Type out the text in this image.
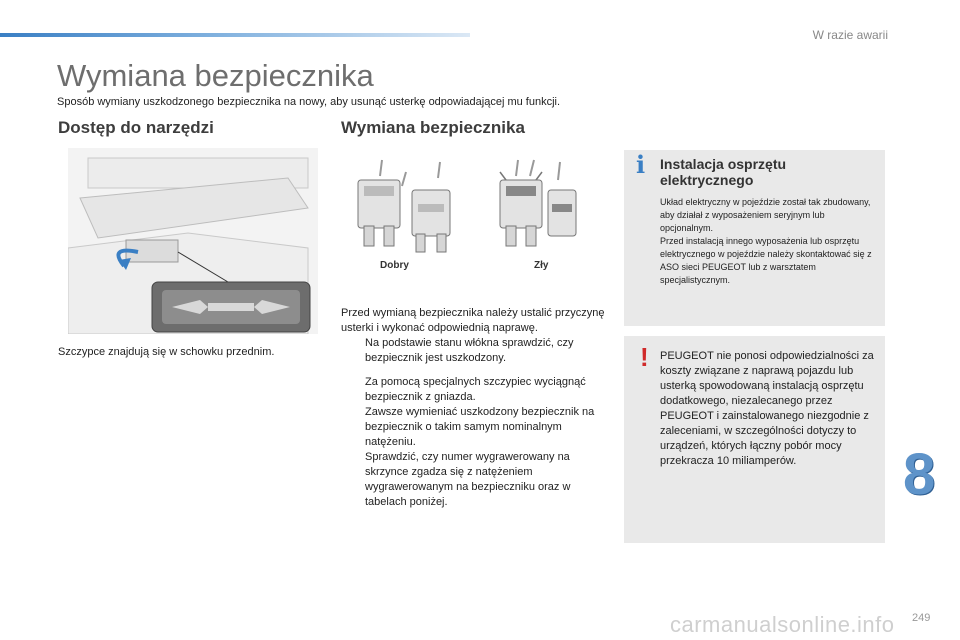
W razie awarii
Wymiana bezpiecznika
Sposób wymiany uszkodzonego bezpiecznika na nowy, aby usunąć usterkę odpowiadającej mu funkcji.
Dostęp do narzędzi
Szczypce znajdują się w schowku przednim.
Wymiana bezpiecznika
Dobry	Zły

Przed wymianą bezpiecznika należy ustalić przyczynę usterki i wykonać odpowiednią naprawę.

Na podstawie stanu włókna sprawdzić, czy bezpiecznik jest uszkodzony.
Za pomocą specjalnych szczypiec wyciągnąć bezpiecznik z gniazda.
Zawsze wymieniać uszkodzony bezpiecznik na bezpiecznik o takim samym nominalnym natężeniu.
Sprawdzić, czy numer wygrawerowany na skrzynce zgadza się z natężeniem wygrawerowanym na bezpieczniku oraz w tabelach poniżej.
i Instalacja osprzętu elektrycznego

Układ elektryczny w pojeździe został tak zbudowany, aby działał z wyposażeniem seryjnym lub opcjonalnym.

Przed instalacją innego wyposażenia lub osprzętu elektrycznego w pojeździe należy skontaktować się z ASO sieci PEUGEOT lub z warsztatem specjalistycznym.

! PEUGEOT nie ponosi odpowiedzialności za koszty związane z naprawą pojazdu lub usterką spowodowaną instalacją osprzętu dodatkowego, niezalecanego przez PEUGEOT i zainstalowanego niezgodnie z zaleceniami, w szczególności dotyczy to urządzeń, których łączny pobór mocy przekracza 10 miliamperów.	8
carmanualsonline.info 249
